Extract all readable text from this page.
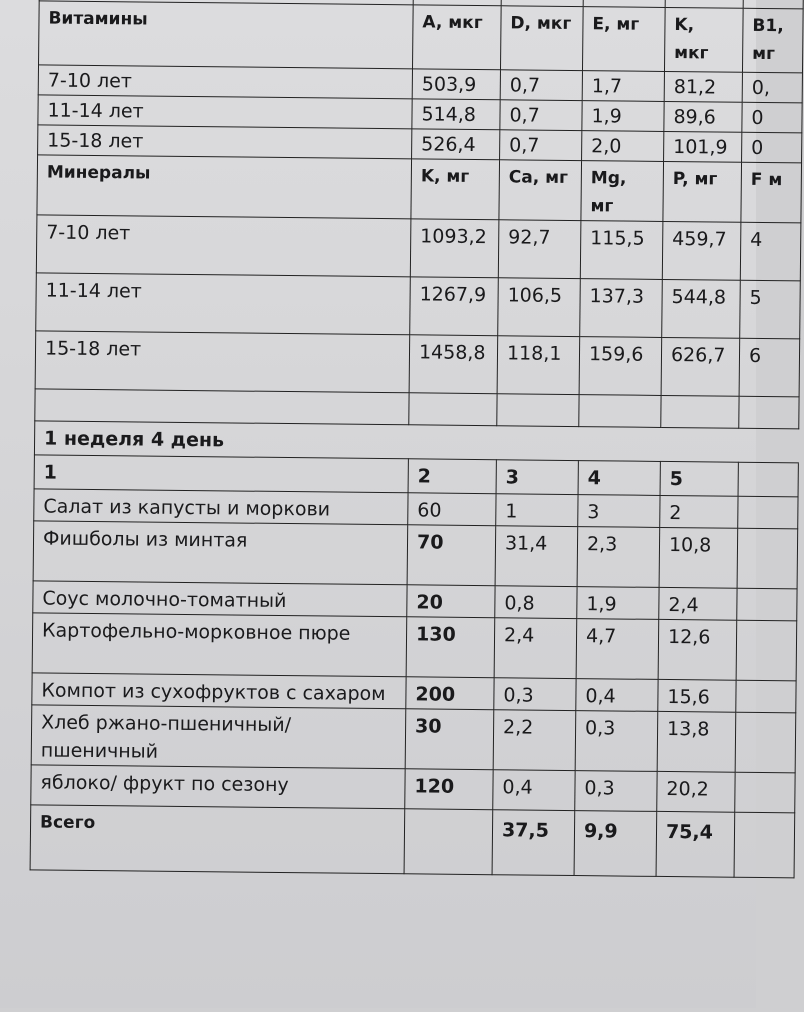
Витамины	A, мкг	D, мкг	E, мг	K, мкг	B1, мг
7-10 лет	503,9	0,7	1,7	81,2	0,
11-14 лет	514,8	0,7	1,9	89,6	0
15-18 лет	526,4	0,7	2,0	101,9	0
Минералы	K, мг	Ca, мг	Mg, мг	P, мг	F м
7-10 лет	1093,2	92,7	115,5	459,7	4
11-14 лет	1267,9	106,5	137,3	544,8	5
15-18 лет	1458,8	118,1	159,6	626,7	6

1 неделя 4 день					
1	2	3	4	5	
Салат из капусты и моркови	60	1	3	2	
Фишболы из минтая	70	31,4	2,3	10,8	
Соус молочно-томатный	20	0,8	1,9	2,4	
Картофельно-морковное пюре	130	2,4	4,7	12,6	
Компот из сухофруктов с сахаром	200	0,3	0,4	15,6	
Хлеб ржано-пшеничный/ пшеничный	30	2,2	0,3	13,8	
яблоко/ фрукт по сезону	120	0,4	0,3	20,2	
Всего		37,5	9,9	75,4	
